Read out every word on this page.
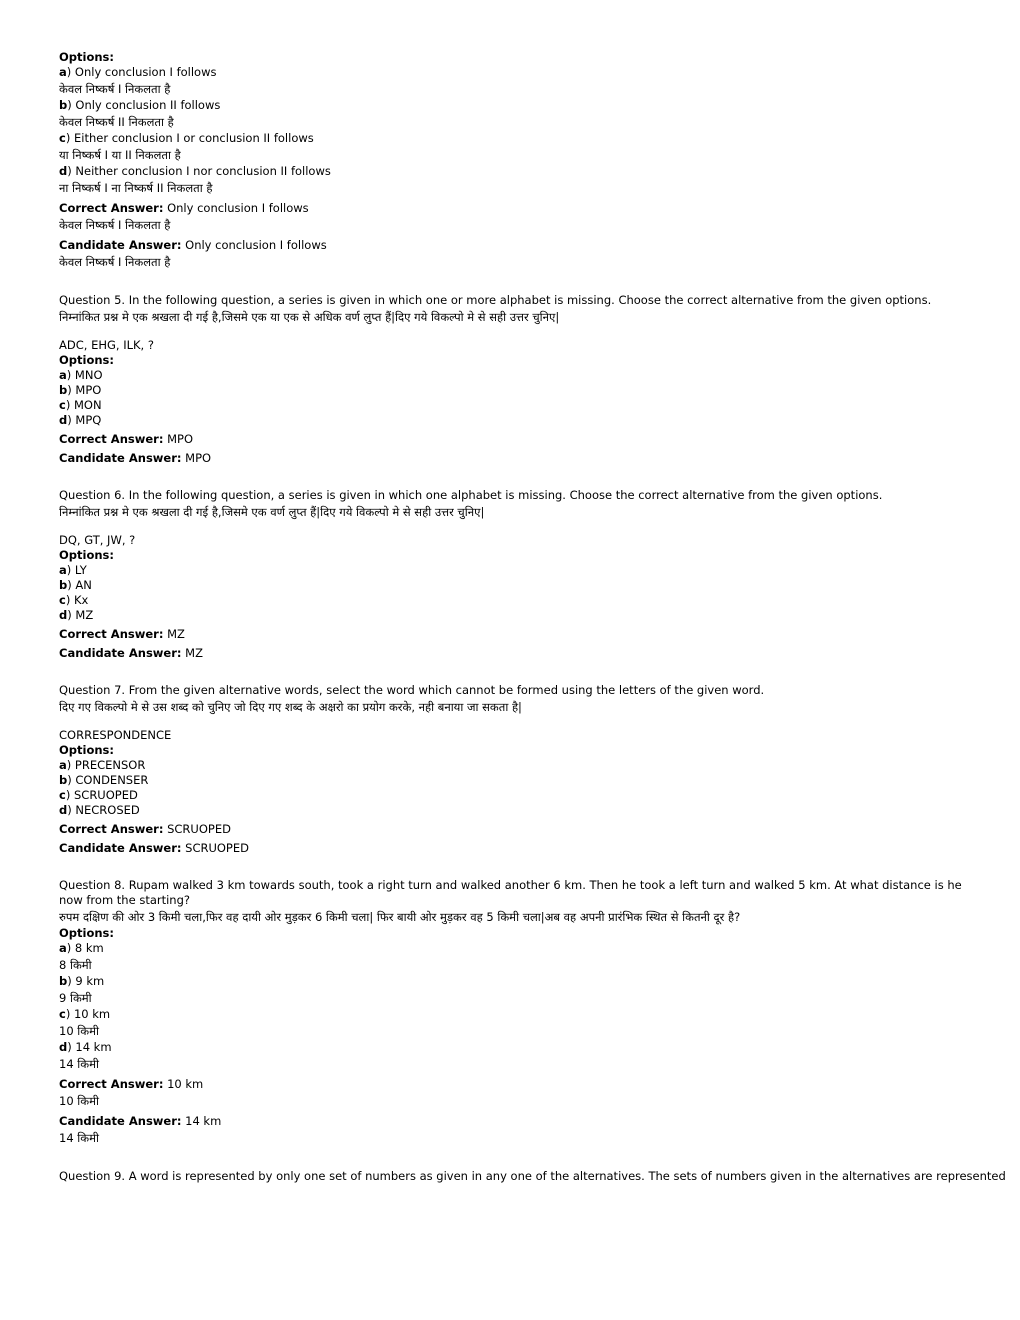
Options:
a) Only conclusion I follows
केवल निष्कर्ष I निकलता है
b) Only conclusion II follows
केवल निष्कर्ष II निकलता है
c) Either conclusion I or conclusion II follows
या निष्कर्ष I या II निकलता है
d) Neither conclusion I nor conclusion II follows
ना निष्कर्ष I ना निष्कर्ष II निकलता है
Correct Answer: Only conclusion I follows
केवल निष्कर्ष I निकलता है
Candidate Answer: Only conclusion I follows
केवल निष्कर्ष I निकलता है
Question 5. In the following question, a series is given in which one or more alphabet is missing. Choose the correct alternative from the given options.
निम्नांकित प्रश्न मे एक श्रखला दी गई है,जिसमे एक या एक से अधिक वर्ण लुप्त हैं|दिए गये विकल्पो मे से सही उत्तर चुनिए|
ADC, EHG, ILK, ?
Options:
a) MNO
b) MPO
c) MON
d) MPQ
Correct Answer: MPO
Candidate Answer: MPO
Question 6. In the following question, a series is given in which one alphabet is missing. Choose the correct alternative from the given options.
निम्नांकित प्रश्न मे एक श्रखला दी गई है,जिसमे एक वर्ण लुप्त हैं|दिए गये विकल्पो मे से सही उत्तर चुनिए|
DQ, GT, JW, ?
Options:
a) LY
b) AN
c) Kx
d) MZ
Correct Answer: MZ
Candidate Answer: MZ
Question 7. From the given alternative words, select the word which cannot be formed using the letters of the given word.
दिए गए विकल्पो मे से उस शब्द को चुनिए जो दिए गए शब्द के अक्षरो का प्रयोग करके, नही बनाया जा सकता है|
CORRESPONDENCE
Options:
a) PRECENSOR
b) CONDENSER
c) SCRUOPED
d) NECROSED
Correct Answer: SCRUOPED
Candidate Answer: SCRUOPED
Question 8. Rupam walked 3 km towards south, took a right turn and walked another 6 km. Then he took a left turn and walked 5 km. At what distance is he now from the starting?
रुपम दक्षिण की ओर 3 किमी चला,फिर वह दायी ओर मुड़कर 6 किमी चला| फिर बायी ओर मुड़कर वह 5 किमी चला|अब वह अपनी प्रारंभिक स्थित से कितनी दूर है?
Options:
a) 8 km
8 किमी
b) 9 km
9 किमी
c) 10 km
10 किमी
d) 14 km
14 किमी
Correct Answer: 10 km
10 किमी
Candidate Answer: 14 km
14 किमी
Question 9. A word is represented by only one set of numbers as given in any one of the alternatives. The sets of numbers given in the alternatives are represented
